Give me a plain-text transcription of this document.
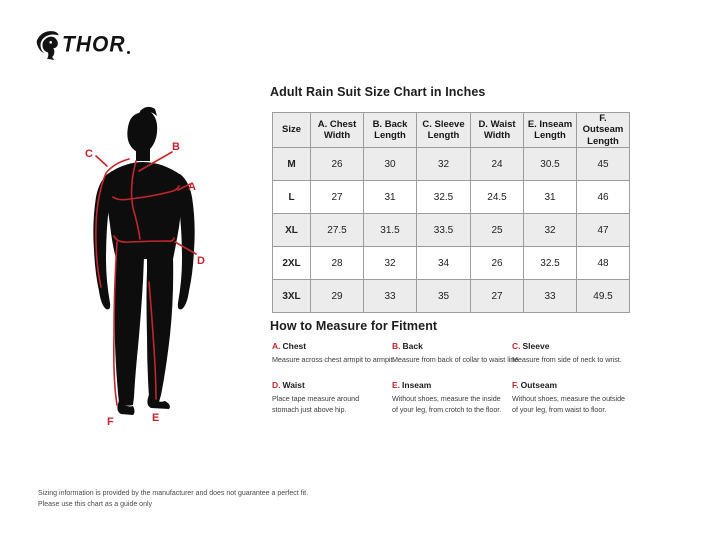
THOR
A
B
C
D
E
F
Adult Rain Suit Size Chart in Inches
Size	A. Chest Width	B. Back Length	C. Sleeve Length	D. Waist Width	E. Inseam Length	F. Outseam Length
M	26	30	32	24	30.5	45
L	27	31	32.5	24.5	31	46
XL	27.5	31.5	33.5	25	32	47
2XL	28	32	34	26	32.5	48
3XL	29	33	35	27	33	49.5
How to Measure for Fitment
A. Chest
Measure across chest armpit to armpit.
B. Back
Measure from back of collar to waist line.
C. Sleeve
Measure from side of neck to wrist.
D. Waist
Place tape measure around stomach just above hip.
E. Inseam
Without shoes, measure the inside of your leg, from crotch to the floor.
F. Outseam
Without shoes, measure the outside of your leg, from waist to floor.
Sizing information is provided by the manufacturer and does not guarantee a perfect fit.
Please use this chart as a guide only
